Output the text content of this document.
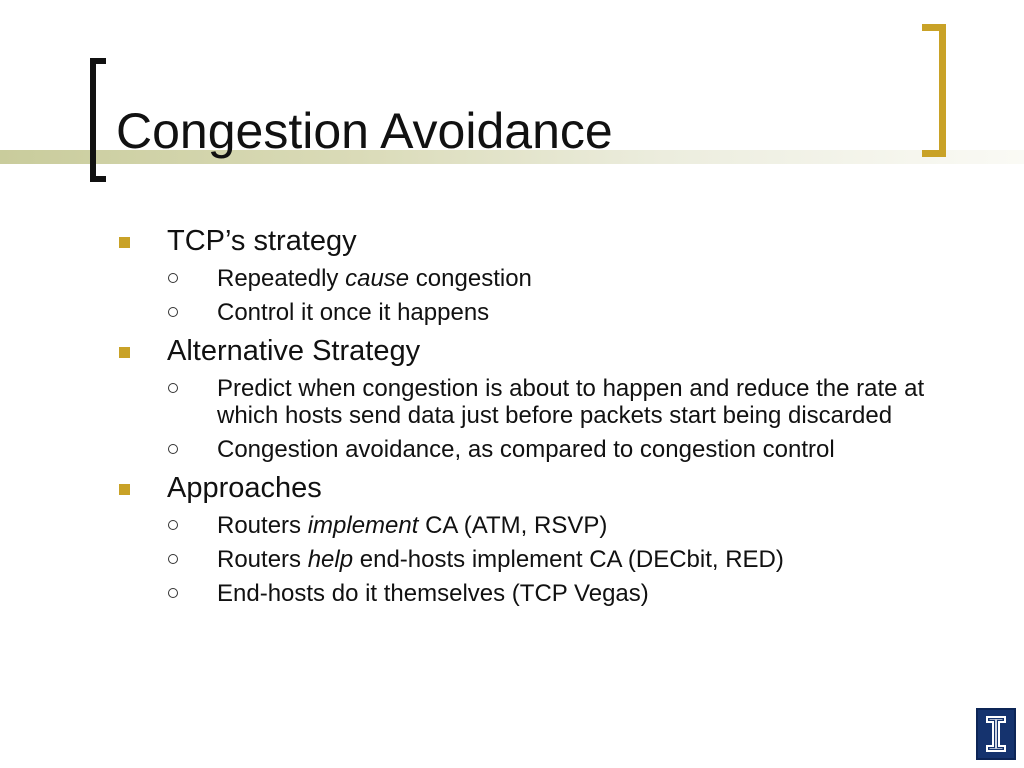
Congestion Avoidance
TCP’s strategy
Repeatedly cause congestion
Control it once it happens
Alternative Strategy
Predict when congestion is about to happen and reduce the rate at which hosts send data just before packets start being discarded
Congestion avoidance, as compared to congestion control
Approaches
Routers implement CA (ATM, RSVP)
Routers help end-hosts implement CA (DECbit, RED)
End-hosts do it themselves (TCP Vegas)
